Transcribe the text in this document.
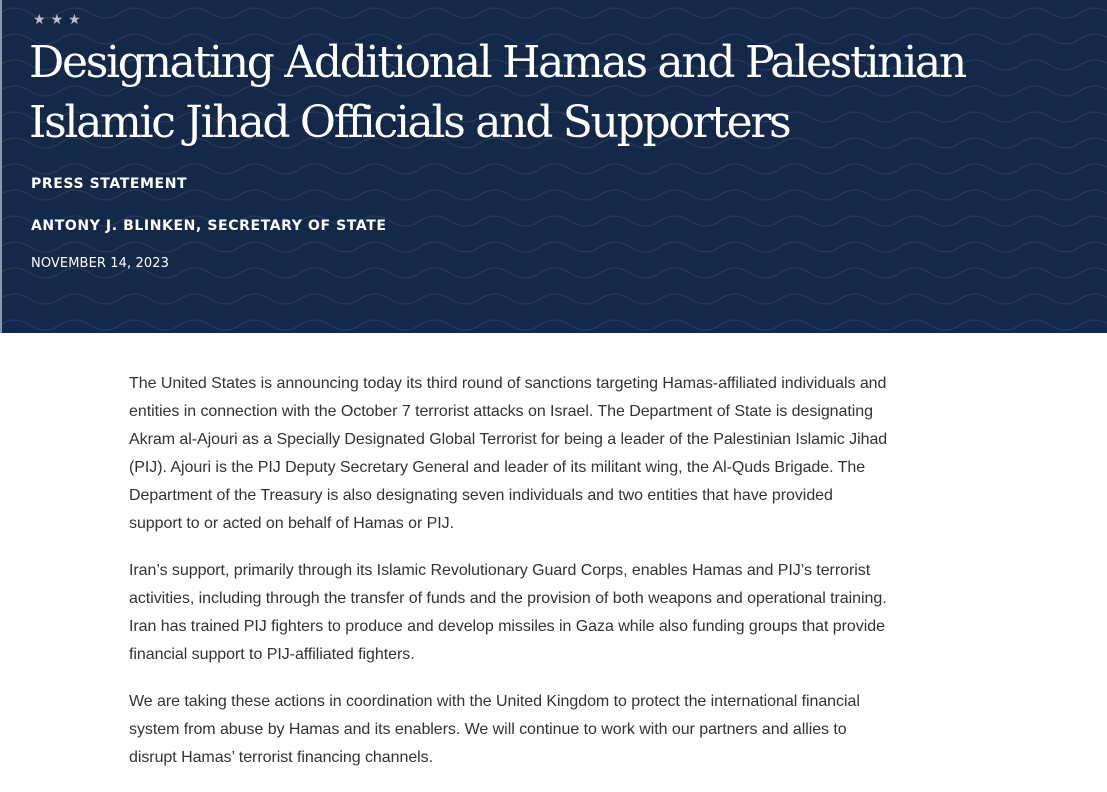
★ ★ ★
Designating Additional Hamas and Palestinian Islamic Jihad Officials and Supporters

PRESS STATEMENT

ANTONY J. BLINKEN, SECRETARY OF STATE

NOVEMBER 14, 2023

The United States is announcing today its third round of sanctions targeting Hamas-affiliated individuals and entities in connection with the October 7 terrorist attacks on Israel. The Department of State is designating Akram al-Ajouri as a Specially Designated Global Terrorist for being a leader of the Palestinian Islamic Jihad (PIJ). Ajouri is the PIJ Deputy Secretary General and leader of its militant wing, the Al-Quds Brigade. The Department of the Treasury is also designating seven individuals and two entities that have provided support to or acted on behalf of Hamas or PIJ.

Iran’s support, primarily through its Islamic Revolutionary Guard Corps, enables Hamas and PIJ’s terrorist activities, including through the transfer of funds and the provision of both weapons and operational training. Iran has trained PIJ fighters to produce and develop missiles in Gaza while also funding groups that provide financial support to PIJ-affiliated fighters.

We are taking these actions in coordination with the United Kingdom to protect the international financial system from abuse by Hamas and its enablers. We will continue to work with our partners and allies to disrupt Hamas’ terrorist financing channels.
